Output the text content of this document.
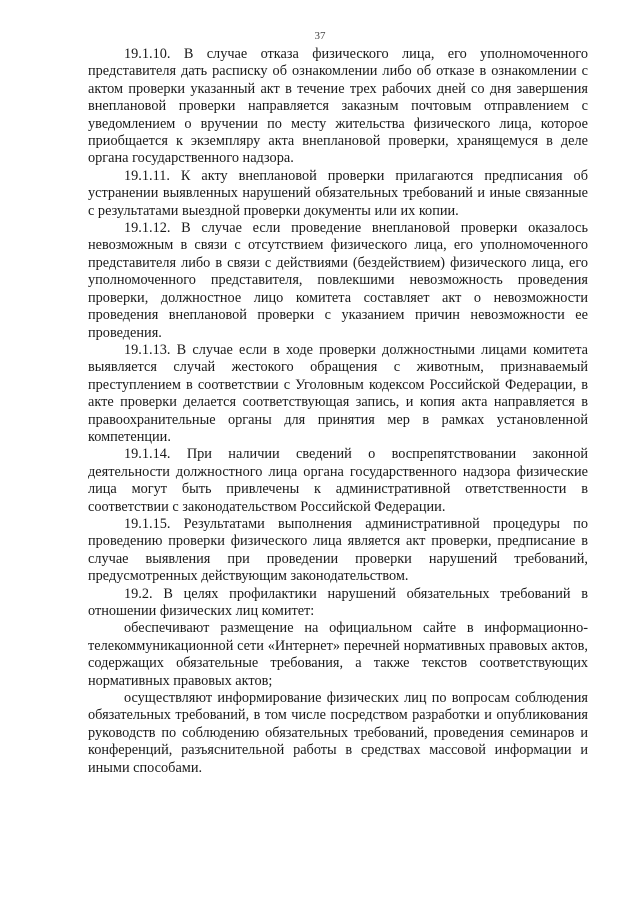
37

19.1.10. В случае отказа физического лица, его уполномоченного представителя дать расписку об ознакомлении либо об отказе в ознакомлении с актом проверки указанный акт в течение трех рабочих дней со дня завершения внеплановой проверки направляется заказным почтовым отправлением с уведомлением о вручении по месту жительства физического лица, которое приобщается к экземпляру акта внеплановой проверки, хранящемуся в деле органа государственного надзора.

19.1.11. К акту внеплановой проверки прилагаются предписания об устранении выявленных нарушений обязательных требований и иные связанные с результатами выездной проверки документы или их копии.

19.1.12. В случае если проведение внеплановой проверки оказалось невозможным в связи с отсутствием физического лица, его уполномоченного представителя либо в связи с действиями (бездействием) физического лица, его уполномоченного представителя, повлекшими невозможность проведения проверки, должностное лицо комитета составляет акт о невозможности проведения внеплановой проверки с указанием причин невозможности ее проведения.

19.1.13. В случае если в ходе проверки должностными лицами комитета выявляется случай жестокого обращения с животным, признаваемый преступлением в соответствии с Уголовным кодексом Российской Федерации, в акте проверки делается соответствующая запись, и копия акта направляется в правоохранительные органы для принятия мер в рамках установленной компетенции.

19.1.14. При наличии сведений о воспрепятствовании законной деятельности должностного лица органа государственного надзора физические лица могут быть привлечены к административной ответственности в соответствии с законодательством Российской Федерации.

19.1.15. Результатами выполнения административной процедуры по проведению проверки физического лица является акт проверки, предписание в случае выявления при проведении проверки нарушений требований, предусмотренных действующим законодательством.

19.2. В целях профилактики нарушений обязательных требований в отношении физических лиц комитет:

обеспечивают размещение на официальном сайте в информационно-телекоммуникационной сети «Интернет» перечней нормативных правовых актов, содержащих обязательные требования, а также текстов соответствующих нормативных правовых актов;

осуществляют информирование физических лиц по вопросам соблюдения обязательных требований, в том числе посредством разработки и опубликования руководств по соблюдению обязательных требований, проведения семинаров и конференций, разъяснительной работы в средствах массовой информации и иными способами.
